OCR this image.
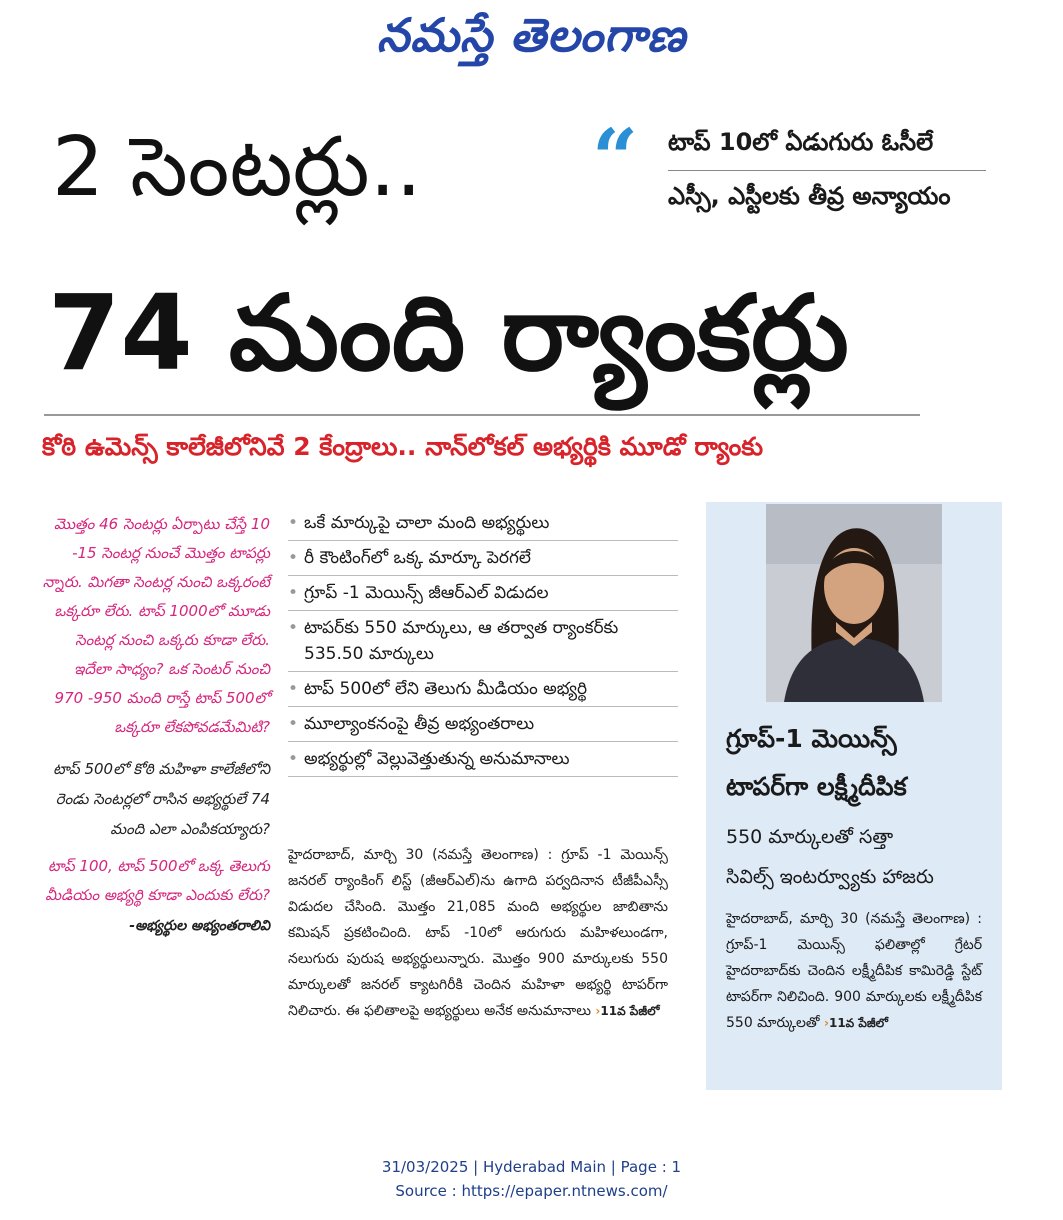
నమస్తే తెలంగాణ
2 సెంటర్లు.. “ టాప్ 10లో ఏడుగురు ఓసీలే
ఎస్సీ, ఎస్టీలకు తీవ్ర అన్యాయం
74 మంది ర్యాంకర్లు
కోఠి ఉమెన్స్ కాలేజీలోనివే 2 కేంద్రాలు.. నాన్‌లోకల్ అభ్యర్థికి మూడో ర్యాంకు
మొత్తం 46 సెంటర్లు ఏర్పాటు చేస్తే 10 -15 సెంటర్ల నుంచే మొత్తం టాపర్లు న్నారు. మిగతా సెంటర్ల నుంచి ఒక్కరంటే ఒక్కరూ లేరు. టాప్ 1000లో మూడు సెంటర్ల నుంచి ఒక్కరు కూడా లేరు. ఇదేలా సాధ్యం? ఒక సెంటర్ నుంచి 970 -950 మంది రాస్తే టాప్ 500లో ఒక్కరూ లేకపోవడమేమిటి?
టాప్ 500లో కోఠి మహిళా కాలేజీలోని రెండు సెంటర్లలో రాసిన అభ్యర్థులే 74 మంది ఎలా ఎంపికయ్యారు?
టాప్ 100, టాప్ 500లో ఒక్క తెలుగు మీడియం అభ్యర్థి కూడా ఎందుకు లేరు?
-అభ్యర్థుల అభ్యంతరాలివి
• ఒకే మార్కుపై చాలా మంది అభ్యర్థులు
• రీ కౌంటింగ్‌లో ఒక్క మార్కూ పెరగలే
• గ్రూప్ -1 మెయిన్స్ జీఆర్‌ఎల్ విడుదల
• టాపర్‌కు 550 మార్కులు, ఆ తర్వాత ర్యాంకర్‌కు 535.50 మార్కులు
• టాప్ 500లో లేని తెలుగు మీడియం అభ్యర్థి
• మూల్యాంకనంపై తీవ్ర అభ్యంతరాలు
• అభ్యర్థుల్లో వెల్లువెత్తుతున్న అనుమానాలు
హైదరాబాద్, మార్చి 30 (నమస్తే తెలంగాణ) : గ్రూప్ -1 మెయిన్స్ జనరల్ ర్యాంకింగ్ లిస్ట్ (జీఆర్‌ఎల్)ను ఉగాది పర్వదినాన టీజీపీఎస్సీ విడుదల చేసింది. మొత్తం 21,085 మంది అభ్యర్థుల జాబితాను కమిషన్ ప్రకటించింది. టాప్ -10లో ఆరుగురు మహిళలుండగా, నలుగురు పురుష అభ్యర్థులున్నారు. మొత్తం 900 మార్కులకు 550 మార్కులతో జనరల్ క్యాటగిరీకి చెందిన మహిళా అభ్యర్థి టాపర్‌గా నిలిచారు. ఈ ఫలితాలపై అభ్యర్థులు అనేక అనుమానాలు ›11వ పేజీలో
గ్రూప్-1 మెయిన్స్
టాపర్‌గా లక్ష్మీదీపిక
550 మార్కులతో సత్తా
సివిల్స్ ఇంటర్వ్యూకు హాజరు
హైదరాబాద్, మార్చి 30 (నమస్తే తెలంగాణ) : గ్రూప్-1 మెయిన్స్ ఫలితాల్లో గ్రేటర్ హైదరాబాద్‌కు చెందిన లక్ష్మీదీపిక కామిరెడ్డి స్టేట్ టాపర్‌గా నిలిచింది. 900 మార్కులకు లక్ష్మీదీపిక 550 మార్కులతో ›11వ పేజీలో
31/03/2025 | Hyderabad Main | Page : 1
Source : https://epaper.ntnews.com/
